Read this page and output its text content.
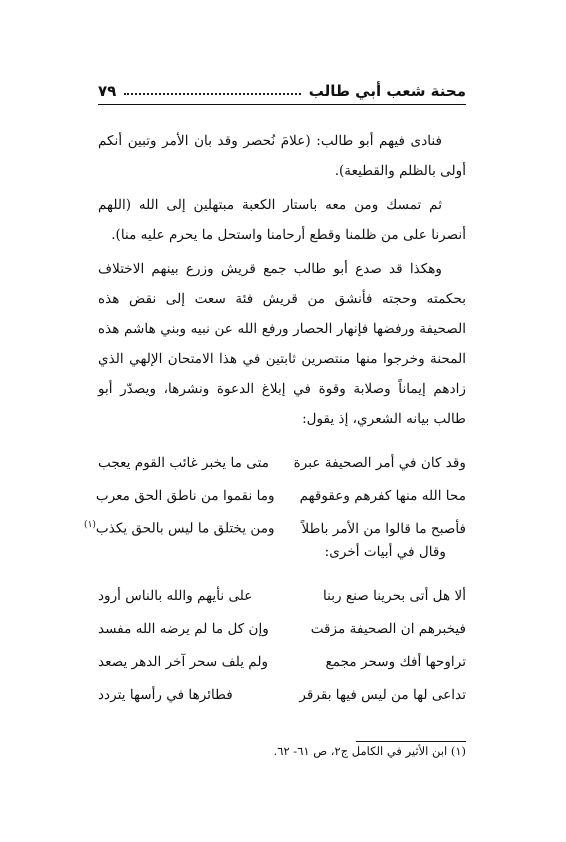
محنة شعب أبي طالب
٧٩

فنادى فيهم أبو طالب: (علامَ نُحصر وقد بان الأمر وتبين أنكم أولى بالظلم والقطيعة).

ثم تمسك ومن معه باستار الكعبة مبتهلين إلى الله (اللهم أنصرنا على من ظلمنا وقطع أرحامنا واستحل ما يحرم عليه منا).

وهكذا قد صدع أبو طالب جمع قريش وزرع بينهم الاختلاف بحكمته وحجته فأنشق من قريش فئة سعت إلى نقض هذه الصحيفة ورفضها فإنهار الحصار ورفع الله عن نبيه وبني هاشم هذه المحنة وخرجوا منها منتصرين ثابتين في هذا الامتحان الإلهي الذي زادهم إيماناً وصلابة وقوة في إبلاغ الدعوة ونشرها، ويصدّر أبو طالب بيانه الشعري، إذ يقول:

وقد كان في أمر الصحيفة عبرة
متى ما يخبر غائب القوم يعجب
محا الله منها كفرهم وعقوقهم
وما نقموا من ناطق الحق معرب
فأصبح ما قالوا من الأمر باطلاً
ومن يختلق ما ليس بالحق يكذب$^{(١)}$
وقال في أبيات أخرى:
ألا هل أتى بحرينا صنع ربنا
على نأيهم والله بالناس أرود
فيخبرهم ان الصحيفة مزقت
وإن كل ما لم يرضه الله مفسد
تراوحها أفك وسحر مجمع
ولم يلف سحر آخر الدهر يصعد
تداعى لها من ليس فيها بقرقر
فطائرها في رأسها يتردد
(١) ابن الأثير في الكامل ج٢، ص ٦١- ٦٢.
